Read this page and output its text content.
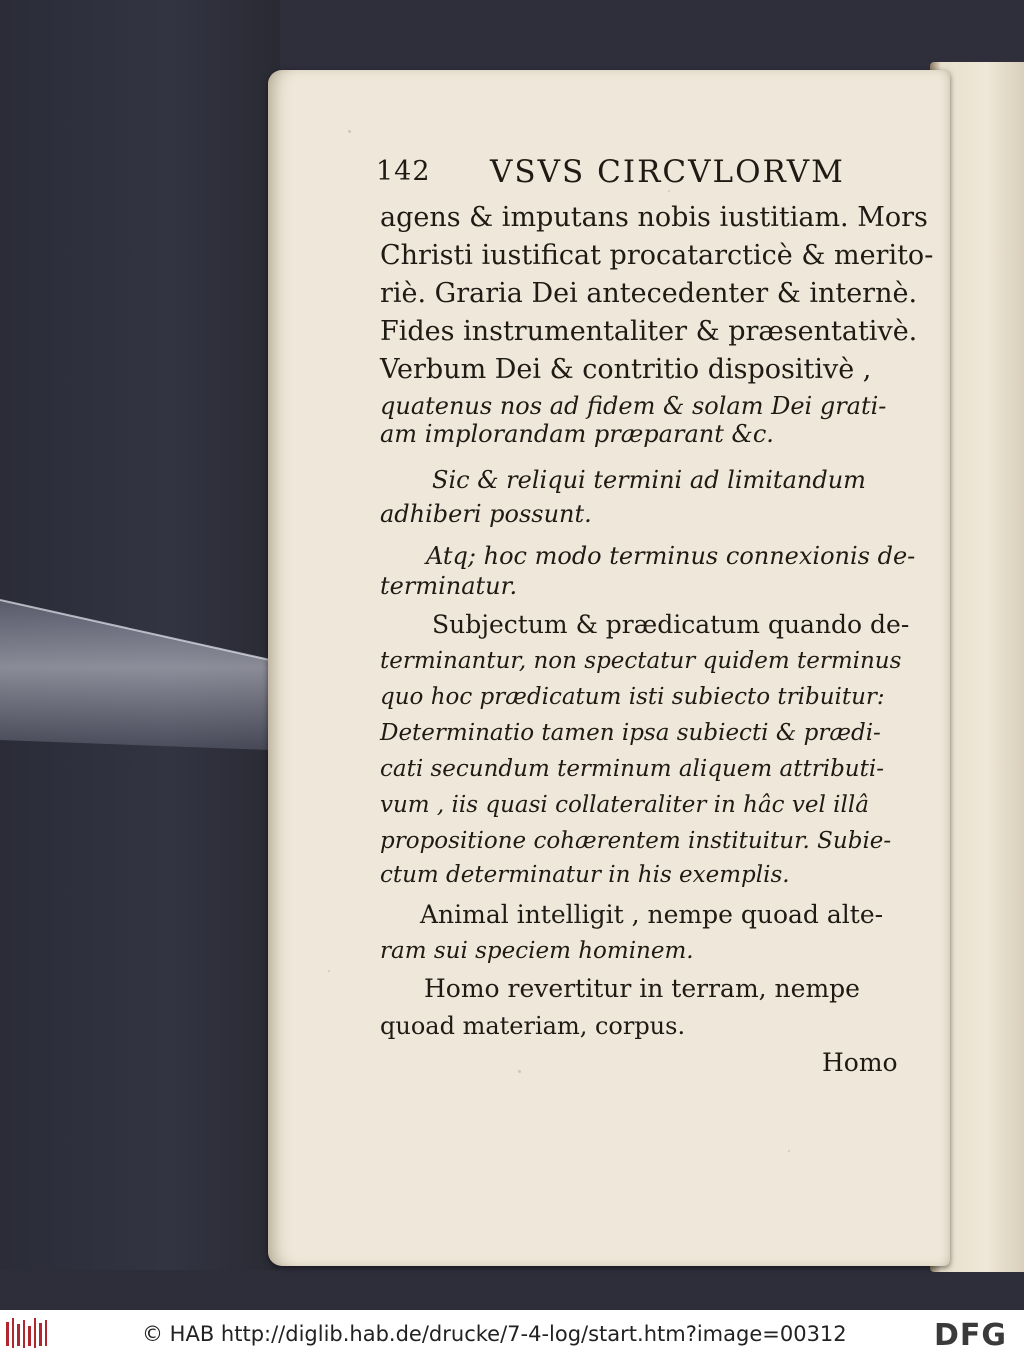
142 VSVS CIRCVLORVM
agens & imputans nobis iustitiam. Mors
Christi iustificat procatarcticè & merito-
riè. Graria Dei antecedenter & internè.
Fides instrumentaliter & præsentativè.
Verbum Dei & contritio dispositivè ,
quatenus nos ad fidem & solam Dei grati-
am implorandam præparant &c.
Sic & reliqui termini ad limitandum
adhiberi possunt.
Atq; hoc modo terminus connexionis de-
terminatur.
Subjectum & prædicatum quando de-
terminantur, non spectatur quidem terminus
quo hoc prædicatum isti subiecto tribuitur:
Determinatio tamen ipsa subiecti & prædi-
cati secundum terminum aliquem attributi-
vum , iis quasi collateraliter in hâc vel illâ
propositione cohærentem instituitur. Subie-
ctum determinatur in his exemplis.
Animal intelligit , nempe quoad alte-
ram sui speciem hominem.
Homo revertitur in terram, nempe
quoad materiam, corpus.
Homo
© HAB http://diglib.hab.de/drucke/7-4-log/start.htm?image=00312	DFG
